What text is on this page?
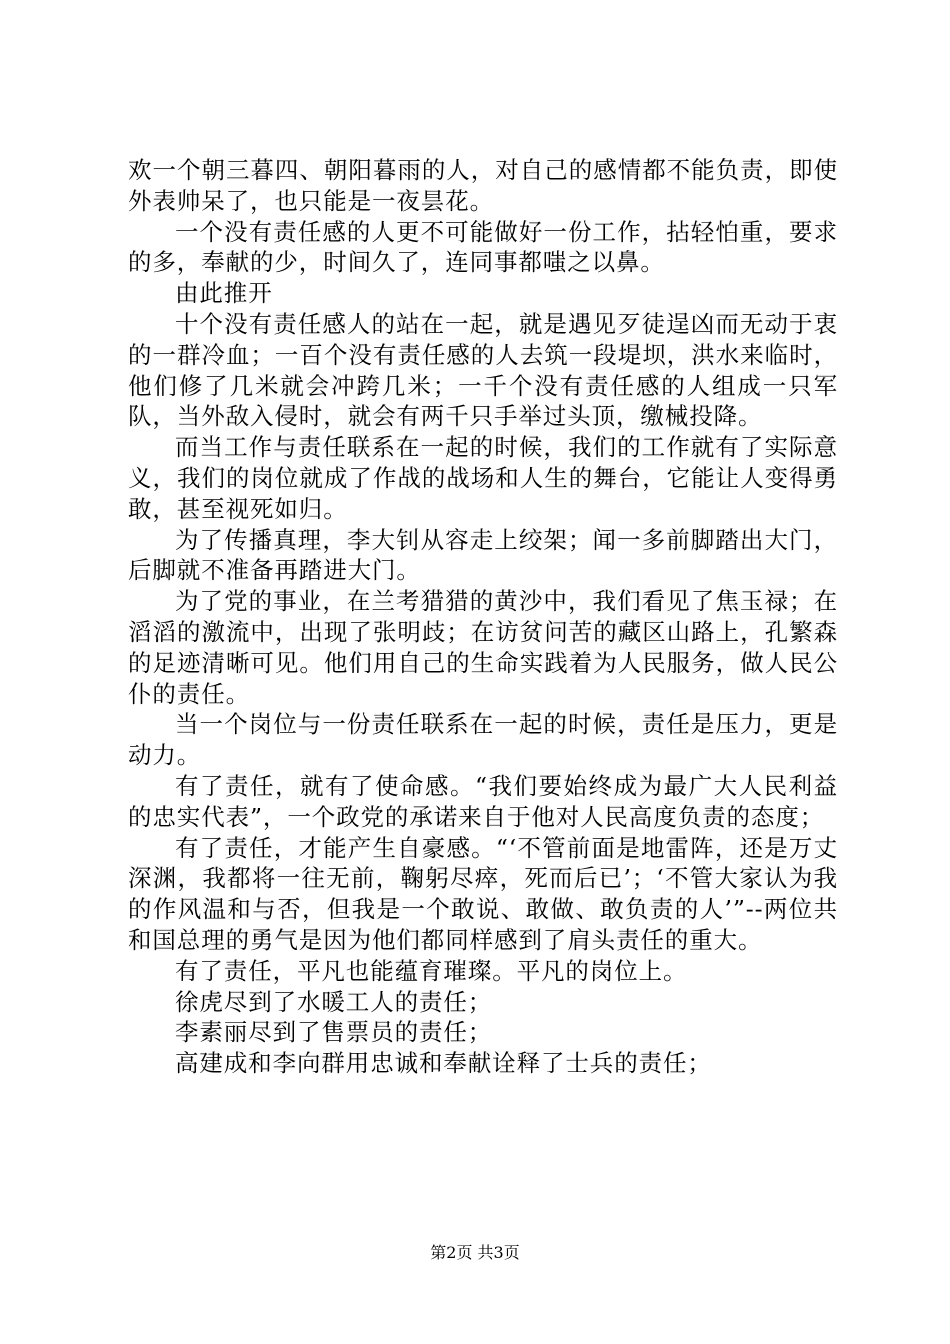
欢一个朝三暮四、朝阳暮雨的人，对自己的感情都不能负责，即使外表帅呆了，也只能是一夜昙花。

一个没有责任感的人更不可能做好一份工作，拈轻怕重，要求的多，奉献的少，时间久了，连同事都嗤之以鼻。

由此推开

十个没有责任感人的站在一起，就是遇见歹徒逞凶而无动于衷的一群冷血；一百个没有责任感的人去筑一段堤坝，洪水来临时，他们修了几米就会冲跨几米；一千个没有责任感的人组成一只军队，当外敌入侵时，就会有两千只手举过头顶，缴械投降。

而当工作与责任联系在一起的时候，我们的工作就有了实际意义，我们的岗位就成了作战的战场和人生的舞台，它能让人变得勇敢，甚至视死如归。

为了传播真理，李大钊从容走上绞架；闻一多前脚踏出大门，后脚就不准备再踏进大门。

为了党的事业，在兰考猎猎的黄沙中，我们看见了焦玉禄；在滔滔的激流中，出现了张明歧；在访贫问苦的藏区山路上，孔繁森的足迹清晰可见。他们用自己的生命实践着为人民服务，做人民公仆的责任。

当一个岗位与一份责任联系在一起的时候，责任是压力，更是动力。

有了责任，就有了使命感。“我们要始终成为最广大人民利益的忠实代表”，一个政党的承诺来自于他对人民高度负责的态度；

有了责任，才能产生自豪感。“‘不管前面是地雷阵，还是万丈深渊，我都将一往无前，鞠躬尽瘁，死而后已’；‘不管大家认为我的作风温和与否，但我是一个敢说、敢做、敢负责的人’”--两位共和国总理的勇气是因为他们都同样感到了肩头责任的重大。

有了责任，平凡也能蕴育璀璨。平凡的岗位上。

徐虎尽到了水暖工人的责任；

李素丽尽到了售票员的责任；

高建成和李向群用忠诚和奉献诠释了士兵的责任；

第2页 共3页
